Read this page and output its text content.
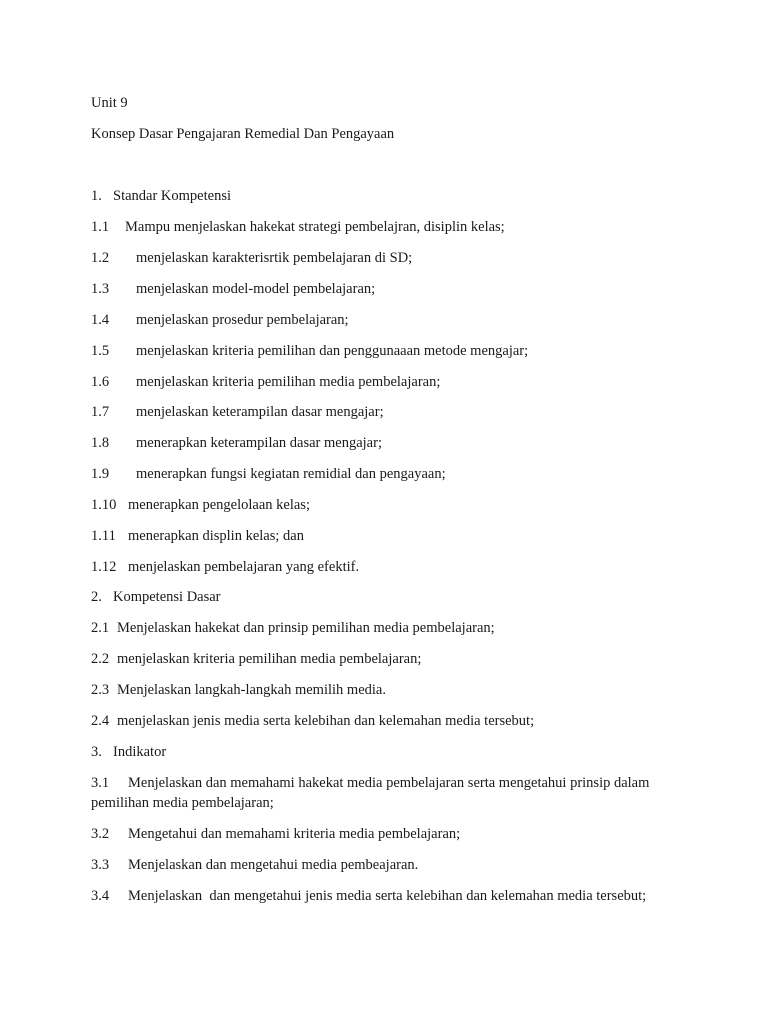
Unit 9
Konsep Dasar Pengajaran Remedial Dan Pengayaan
1. Standar Kompetensi
1.1 Mampu menjelaskan hakekat strategi pembelajran, disiplin kelas;
1.2 menjelaskan karakterisrtik pembelajaran di SD;
1.3 menjelaskan model-model pembelajaran;
1.4 menjelaskan prosedur pembelajaran;
1.5 menjelaskan kriteria pemilihan dan penggunaaan metode mengajar;
1.6 menjelaskan kriteria pemilihan media pembelajaran;
1.7 menjelaskan keterampilan dasar mengajar;
1.8 menerapkan keterampilan dasar mengajar;
1.9 menerapkan fungsi kegiatan remidial dan pengayaan;
1.10 menerapkan pengelolaan kelas;
1.11 menerapkan displin kelas; dan
1.12 menjelaskan pembelajaran yang efektif.
2. Kompetensi Dasar
2.1 Menjelaskan hakekat dan prinsip pemilihan media pembelajaran;
2.2 menjelaskan kriteria pemilihan media pembelajaran;
2.3 Menjelaskan langkah-langkah memilih media.
2.4 menjelaskan jenis media serta kelebihan dan kelemahan media tersebut;
3. Indikator
3.1 Menjelaskan dan memahami hakekat media pembelajaran serta mengetahui prinsip dalam
pemilihan media pembelajaran;
3.2 Mengetahui dan memahami kriteria media pembelajaran;
3.3 Menjelaskan dan mengetahui media pembeajaran.
3.4 Menjelaskan  dan mengetahui jenis media serta kelebihan dan kelemahan media tersebut;
